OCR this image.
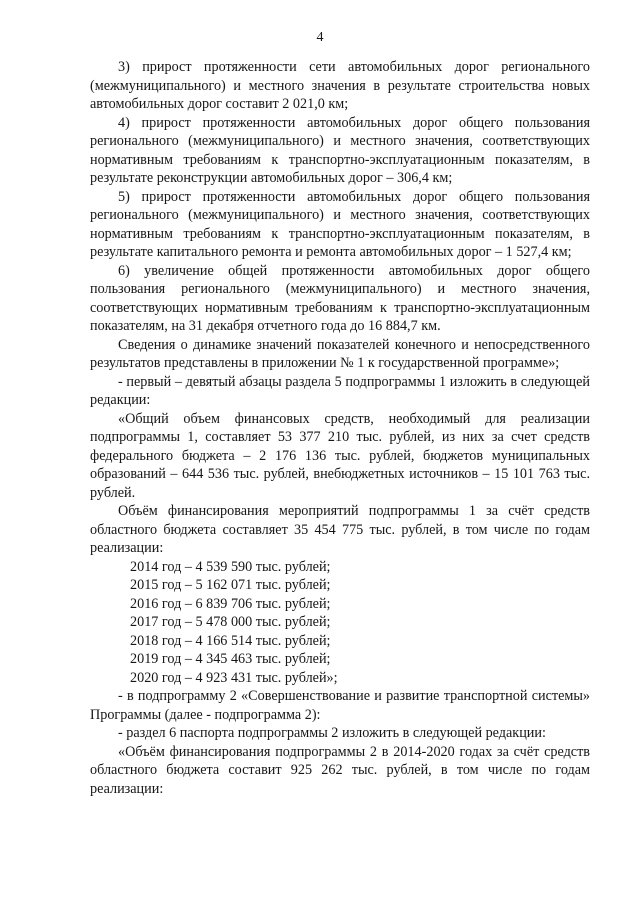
4

3) прирост протяженности сети автомобильных дорог регионального (межмуниципального) и местного значения в результате строительства новых автомобильных дорог составит 2 021,0 км;

4) прирост протяженности автомобильных дорог общего пользования регионального (межмуниципального) и местного значения, соответствующих нормативным требованиям к транспортно-эксплуатационным показателям, в результате реконструкции автомобильных дорог – 306,4 км;

5) прирост протяженности автомобильных дорог общего пользования регионального (межмуниципального) и местного значения, соответствующих нормативным требованиям к транспортно-эксплуатационным показателям, в результате капитального ремонта и ремонта автомобильных дорог – 1 527,4 км;

6) увеличение общей протяженности автомобильных дорог общего пользования регионального (межмуниципального) и местного значения, соответствующих нормативным требованиям к транспортно-эксплуатационным показателям, на 31 декабря отчетного года до 16 884,7 км.

Сведения о динамике значений показателей конечного и непосредственного результатов представлены в приложении № 1 к государственной программе»;

- первый – девятый абзацы раздела 5 подпрограммы 1 изложить в следующей редакции:

«Общий объем финансовых средств, необходимый для реализации подпрограммы 1, составляет 53 377 210 тыс. рублей, из них за счет средств федерального бюджета – 2 176 136 тыс. рублей, бюджетов муниципальных образований – 644 536 тыс. рублей, внебюджетных источников – 15 101 763 тыс. рублей.

Объём финансирования мероприятий подпрограммы 1 за счёт средств областного бюджета составляет 35 454 775 тыс. рублей, в том числе по годам реализации:

2014 год – 4 539 590 тыс. рублей;

2015 год – 5 162 071 тыс. рублей;

2016 год – 6 839 706 тыс. рублей;

2017 год – 5 478 000 тыс. рублей;

2018 год – 4 166 514 тыс. рублей;

2019 год – 4 345 463 тыс. рублей;

2020 год – 4 923 431 тыс. рублей»;

- в подпрограмму 2 «Совершенствование и развитие транспортной системы» Программы (далее - подпрограмма 2):

- раздел 6 паспорта подпрограммы 2 изложить в следующей редакции:

«Объём финансирования подпрограммы 2 в 2014-2020 годах за счёт средств областного бюджета составит 925 262 тыс. рублей, в том числе по годам реализации:
